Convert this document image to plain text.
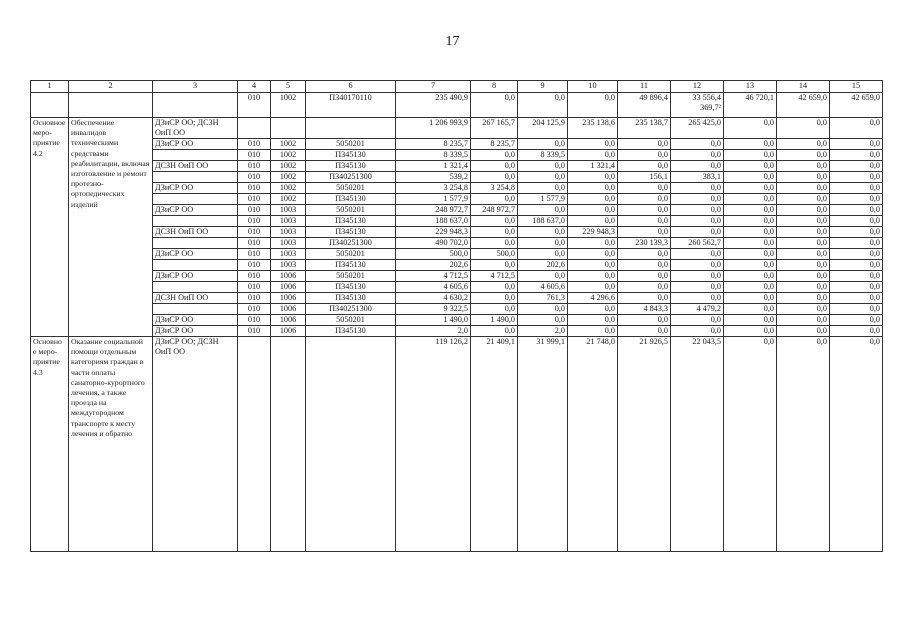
17
1	2	3	4	5	6	7	8	9	10	11	12	13	14	15
			010	1002	П340170110	235 490,9	0,0	0,0	0,0	49 896,4	33 556,4 369,7²	46 720,1	42 659,0	42 659,0
Основное меро-приятие 4.2	Обеспечение инвалидов техническими средствами реабилитации, включая изготовление и ремонт протезно-ортопедических изделий	ДЗиСР ОО; ДСЗН ОиП ОО				1 206 993,9	267 165,7	204 125,9	235 138,6	235 138,7	265 425,0	0,0	0,0	0,0
		ДЗиСР ОО	010	1002	5050201	8 235,7	8 235,7	0,0	0,0	0,0	0,0	0,0	0,0	0,0
			010	1002	П345130	8 339,5	0,0	8 339,5	0,0	0,0	0,0	0,0	0,0	0,0
		ДСЗН ОиП ОО	010	1002	П345130	1 321,4	0,0	0,0	1 321,4	0,0	0,0	0,0	0,0	0,0
			010	1002	П340251300	539,2	0,0	0,0	0,0	156,1	383,1	0,0	0,0	0,0
		ДЗиСР ОО	010	1002	5050201	3 254,8	3 254,8	0,0	0,0	0,0	0,0	0,0	0,0	0,0
			010	1002	П345130	1 577,9	0,0	1 577,9	0,0	0,0	0,0	0,0	0,0	0,0
		ДЗиСР ОО	010	1003	5050201	248 972,7	248 972,7	0,0	0,0	0,0	0,0	0,0	0,0	0,0
			010	1003	П345130	188 637,0	0,0	188 637,0	0,0	0,0	0,0	0,0	0,0	0,0
		ДСЗН ОиП ОО	010	1003	П345130	229 948,3	0,0	0,0	229 948,3	0,0	0,0	0,0	0,0	0,0
			010	1003	П340251300	490 702,0	0,0	0,0	0,0	230 139,3	260 562,7	0,0	0,0	0,0
		ДЗиСР ОО	010	1003	5050201	500,0	500,0	0,0	0,0	0,0	0,0	0,0	0,0	0,0
			010	1003	П345130	202,6	0,0	202,6	0,0	0,0	0,0	0,0	0,0	0,0
		ДЗиСР ОО	010	1006	5050201	4 712,5	4 712,5	0,0	0,0	0,0	0,0	0,0	0,0	0,0
			010	1006	П345130	4 605,6	0,0	4 605,6	0,0	0,0	0,0	0,0	0,0	0,0
		ДСЗН ОиП ОО	010	1006	П345130	4 630,2	0,0	761,3	4 296,6	0,0	0,0	0,0	0,0	0,0
			010	1006	П340251300	9 322,5	0,0	0,0	0,0	4 843,3	4 479,2	0,0	0,0	0,0
		ДЗиСР ОО	010	1006	5050201	1 490,0	1 490,0	0,0	0,0	0,0	0,0	0,0	0,0	0,0
		ДЗиСР ОО	010	1006	П345130	2,0	0,0	2,0	0,0	0,0	0,0	0,0	0,0	0,0
Основно е меро-приятие 4.3	Оказание социальной помощи отдельным категориям граждан в части оплаты санаторно-курортного лечения, а также проезда на междугородном транспорте к месту лечения и обратно	ДЗиСР ОО; ДСЗН ОиП ОО				119 126,2	21 409,1	31 999,1	21 748,0	21 926,5	22 043,5	0,0	0,0	0,0
